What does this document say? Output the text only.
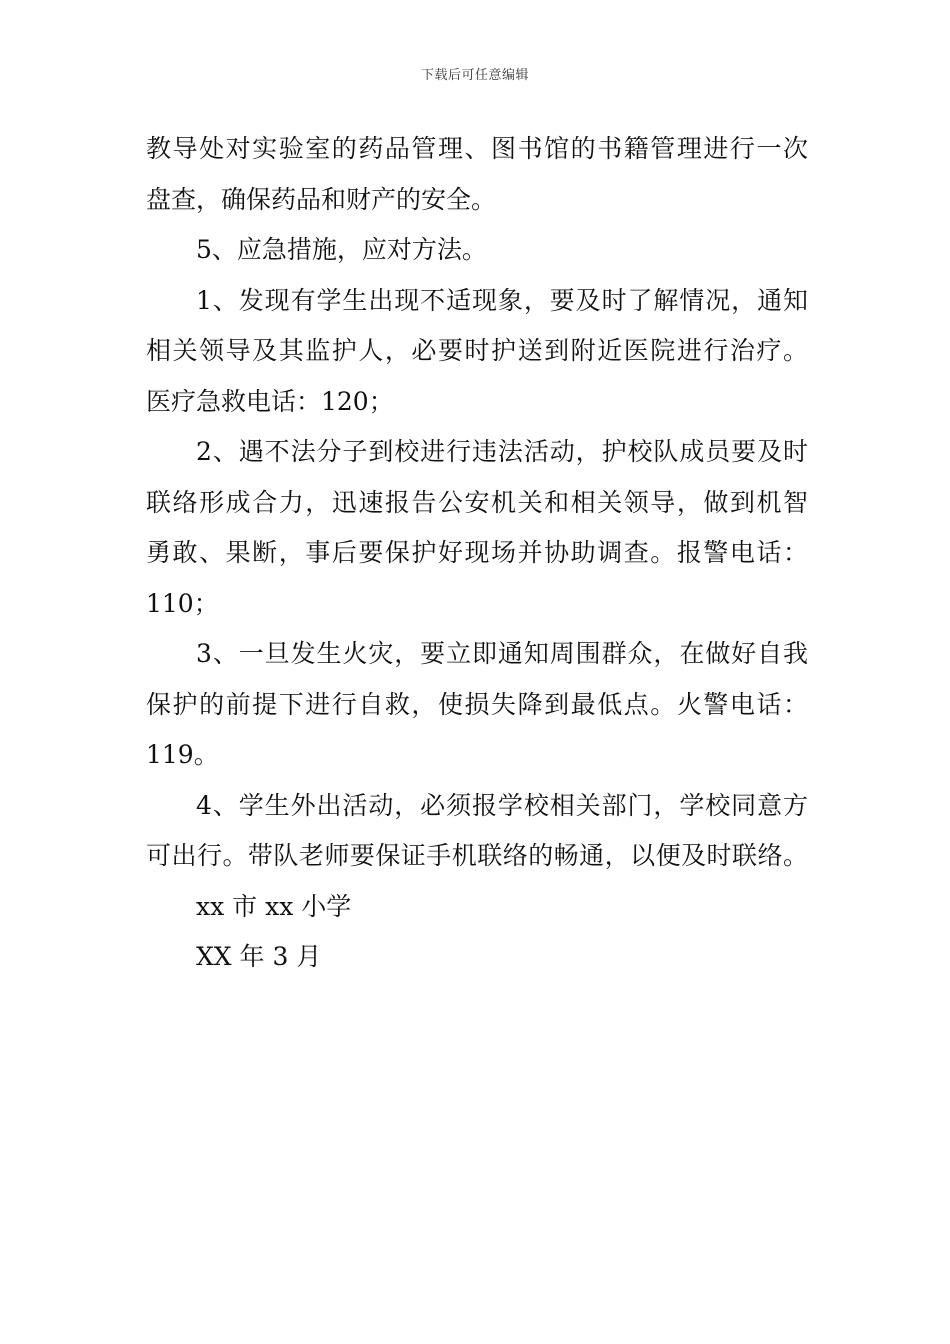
下载后可任意编辑
教导处对实验室的药品管理、图书馆的书籍管理进行一次
盘查，确保药品和财产的安全。
5、应急措施，应对方法。
1、发现有学生出现不适现象，要及时了解情况，通知
相关领导及其监护人，必要时护送到附近医院进行治疗。
医疗急救电话：120；
2、遇不法分子到校进行违法活动，护校队成员要及时
联络形成合力，迅速报告公安机关和相关领导，做到机智
勇敢、果断，事后要保护好现场并协助调查。报警电话：
110；
3、一旦发生火灾，要立即通知周围群众，在做好自我
保护的前提下进行自救，使损失降到最低点。火警电话：
119。
4、学生外出活动，必须报学校相关部门，学校同意方
可出行。带队老师要保证手机联络的畅通，以便及时联络。
xx 市 xx 小学
XX 年 3 月
